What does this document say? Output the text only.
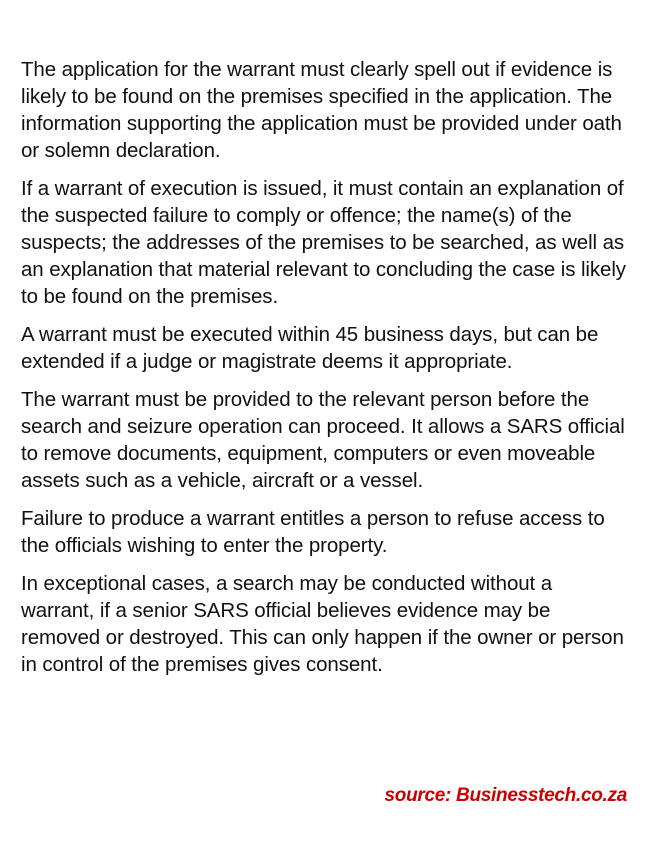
The application for the warrant must clearly spell out if evidence is likely to be found on the premises specified in the application. The information supporting the application must be provided under oath or solemn declaration.

If a warrant of execution is issued, it must contain an explanation of the suspected failure to comply or offence; the name(s) of the suspects; the addresses of the premises to be searched, as well as an explanation that material relevant to concluding the case is likely to be found on the premises.

A warrant must be executed within 45 business days, but can be extended if a judge or magistrate deems it appropriate.

The warrant must be provided to the relevant person before the search and seizure operation can proceed. It allows a SARS official to remove documents, equipment, computers or even moveable assets such as a vehicle, aircraft or a vessel.

Failure to produce a warrant entitles a person to refuse access to the officials wishing to enter the property.

In exceptional cases, a search may be conducted without a warrant, if a senior SARS official believes evidence may be removed or destroyed. This can only happen if the owner or person in control of the premises gives consent.

source: Businesstech.co.za
